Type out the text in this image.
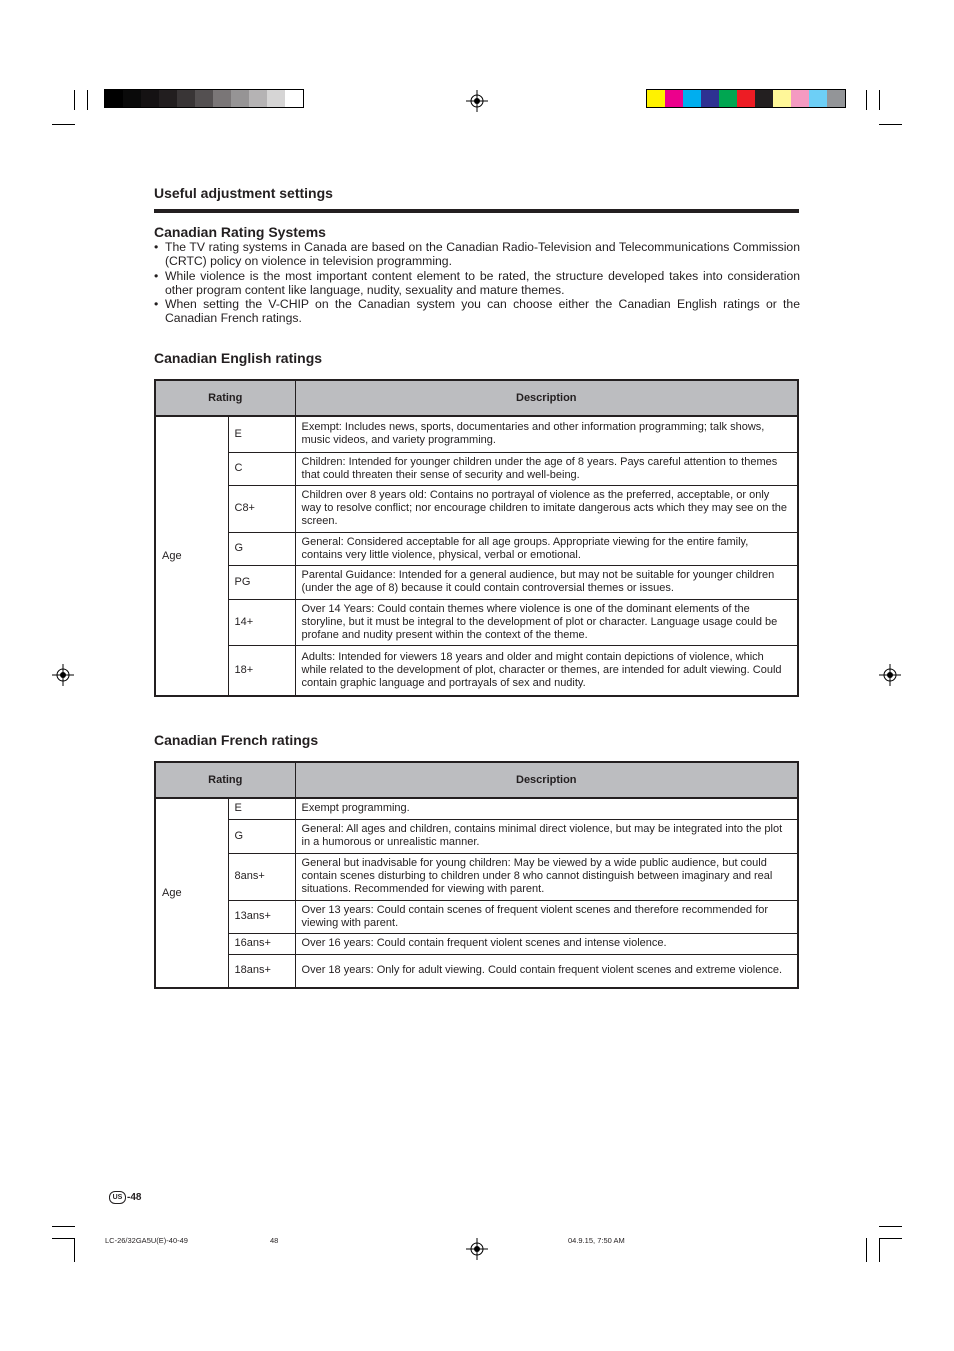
Useful adjustment settings
Canadian Rating Systems
• The TV rating systems in Canada are based on the Canadian Radio-Television and Telecommunications Commission (CRTC) policy on violence in television programming.
• While violence is the most important content element to be rated, the structure developed takes into consideration other program content like language, nudity, sexuality and mature themes.
• When setting the V-CHIP on the Canadian system you can choose either the Canadian English ratings or the Canadian French ratings.
Canadian English ratings
Rating		Description
Age	E	Exempt: Includes news, sports, documentaries and other information programming; talk shows, music videos, and variety programming.
	C	Children: Intended for younger children under the age of 8 years. Pays careful attention to themes that could threaten their sense of security and well-being.
	C8+	Children over 8 years old: Contains no portrayal of violence as the preferred, acceptable, or only way to resolve conflict; nor encourage children to imitate dangerous acts which they may see on the screen.
	G	General: Considered acceptable for all age groups. Appropriate viewing for the entire family, contains very little violence, physical, verbal or emotional.
	PG	Parental Guidance: Intended for a general audience, but may not be suitable for younger children (under the age of 8) because it could contain controversial themes or issues.
	14+	Over 14 Years: Could contain themes where violence is one of the dominant elements of the storyline, but it must be integral to the development of plot or character. Language usage could be profane and nudity present within the context of the theme.
	18+	Adults: Intended for viewers 18 years and older and might contain depictions of violence, which while related to the development of plot, character or themes, are intended for adult viewing. Could contain graphic language and portrayals of sex and nudity.
Canadian French ratings
Rating		Description
Age	E	Exempt programming.
	G	General: All ages and children, contains minimal direct violence, but may be integrated into the plot in a humorous or unrealistic manner.
	8ans+	General but inadvisable for young children: May be viewed by a wide public audience, but could contain scenes disturbing to children under 8 who cannot distinguish between imaginary and real situations. Recommended for viewing with parent.
	13ans+	Over 13 years: Could contain scenes of frequent violent scenes and therefore recommended for viewing with parent.
	16ans+	Over 16 years: Could contain frequent violent scenes and intense violence.
	18ans+	Over 18 years: Only for adult viewing. Could contain frequent violent scenes and extreme violence.
US -48
LC-26/32GA5U(E)-40-49	48	04.9.15, 7:50 AM
